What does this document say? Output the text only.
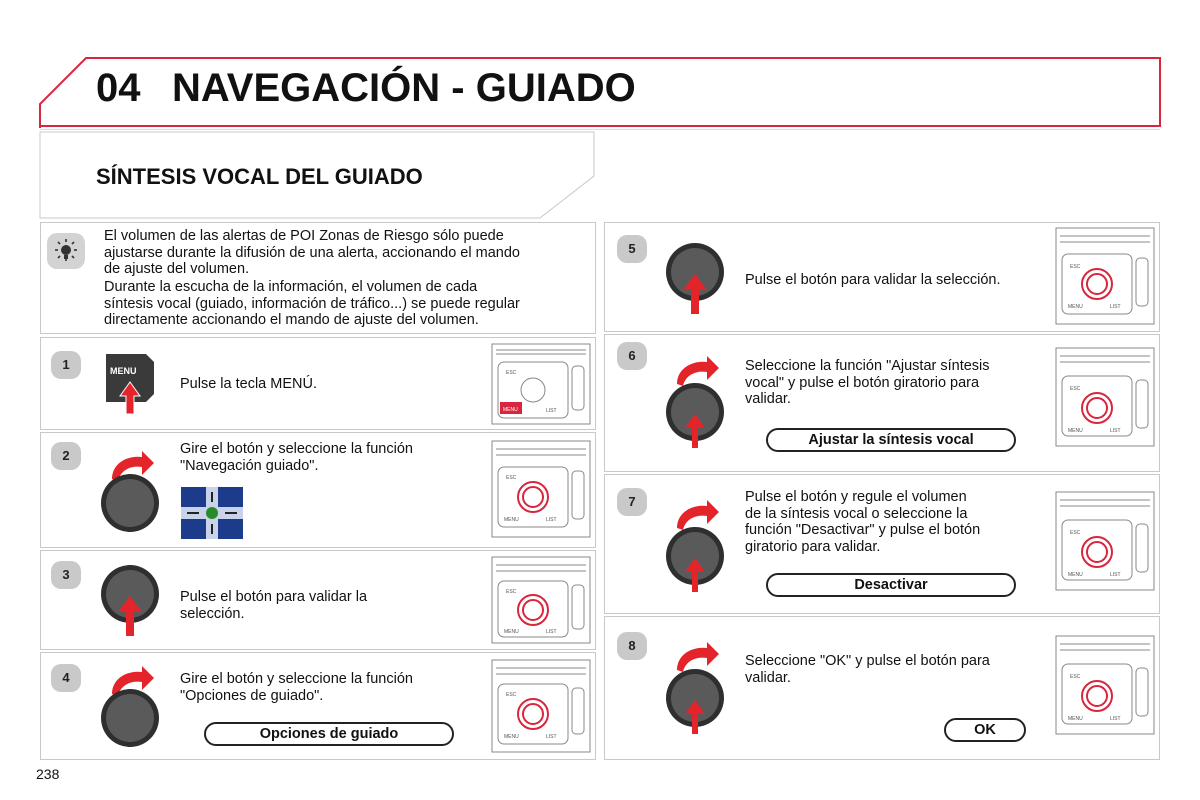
04 NAVEGACIÓN - GUIADO
SÍNTESIS VOCAL DEL GUIADO
El volumen de las alertas de POI Zonas de Riesgo sólo puede
ajustarse durante la difusión de una alerta, accionando el mando
de ajuste del volumen.
Durante la escucha de la información, el volumen de cada
síntesis vocal (guiado, información de tráfico...) se puede regular
directamente accionando el mando de ajuste del volumen.
1
2
3
4
5
6
7
8
Pulse la tecla MENÚ.
Gire el botón y seleccione la función
"Navegación guiado".
Pulse el botón para validar la
selección.
Gire el botón y seleccione la función
"Opciones de guiado".
Pulse el botón para validar la selección.
Seleccione la función "Ajustar síntesis
vocal" y pulse el botón giratorio para
validar.
Pulse el botón y regule el volumen
de la síntesis vocal o seleccione la
función "Desactivar" y pulse el botón
giratorio para validar.
Seleccione "OK" y pulse el botón para
validar.
Opciones de guiado
Ajustar la síntesis vocal
Desactivar
OK
MENU	ESC
LIST
MENU
ESC
MENU	LIST
ESC
MENU	LIST
ESC
MENU	LIST
ESC
MENU	LIST
ESC
MENU	LIST
ESC
MENU	LIST
ESC
MENU	LIST
238
